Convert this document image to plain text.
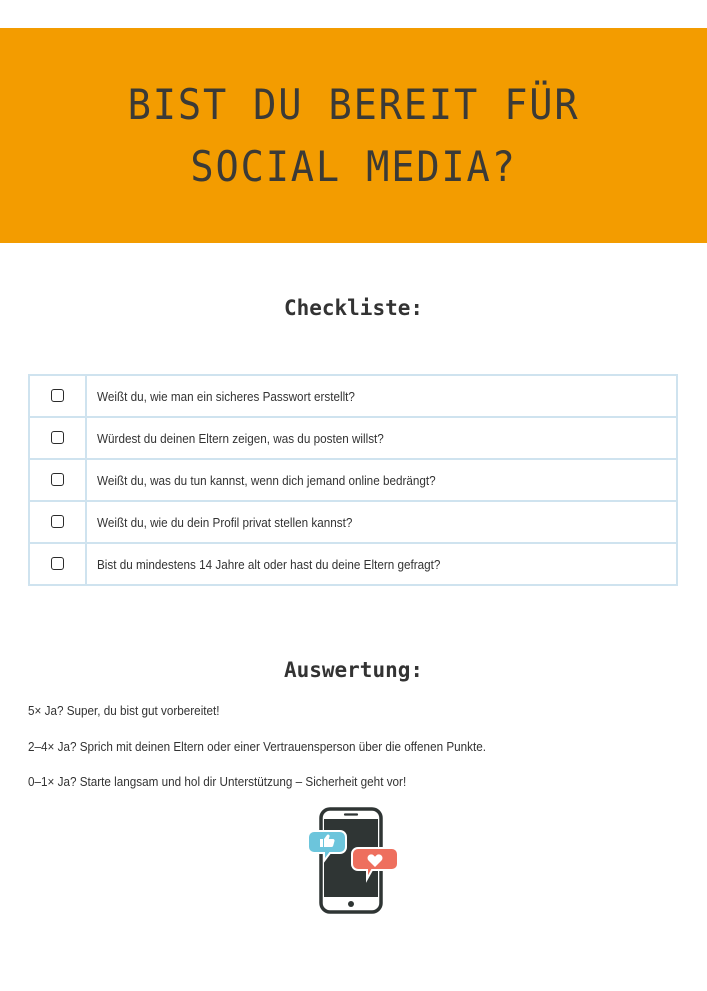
BIST DU BEREIT FÜR
SOCIAL MEDIA?
Checkliste:
	Weißt du, wie man ein sicheres Passwort erstellt?
	Würdest du deinen Eltern zeigen, was du posten willst?
	Weißt du, was du tun kannst, wenn dich jemand online bedrängt?
	Weißt du, wie du dein Profil privat stellen kannst?
	Bist du mindestens 14 Jahre alt oder hast du deine Eltern gefragt?
Auswertung:

5× Ja? Super, du bist gut vorbereitet!

2–4× Ja? Sprich mit deinen Eltern oder einer Vertrauensperson über die offenen Punkte.

0–1× Ja? Starte langsam und hol dir Unterstützung – Sicherheit geht vor!
